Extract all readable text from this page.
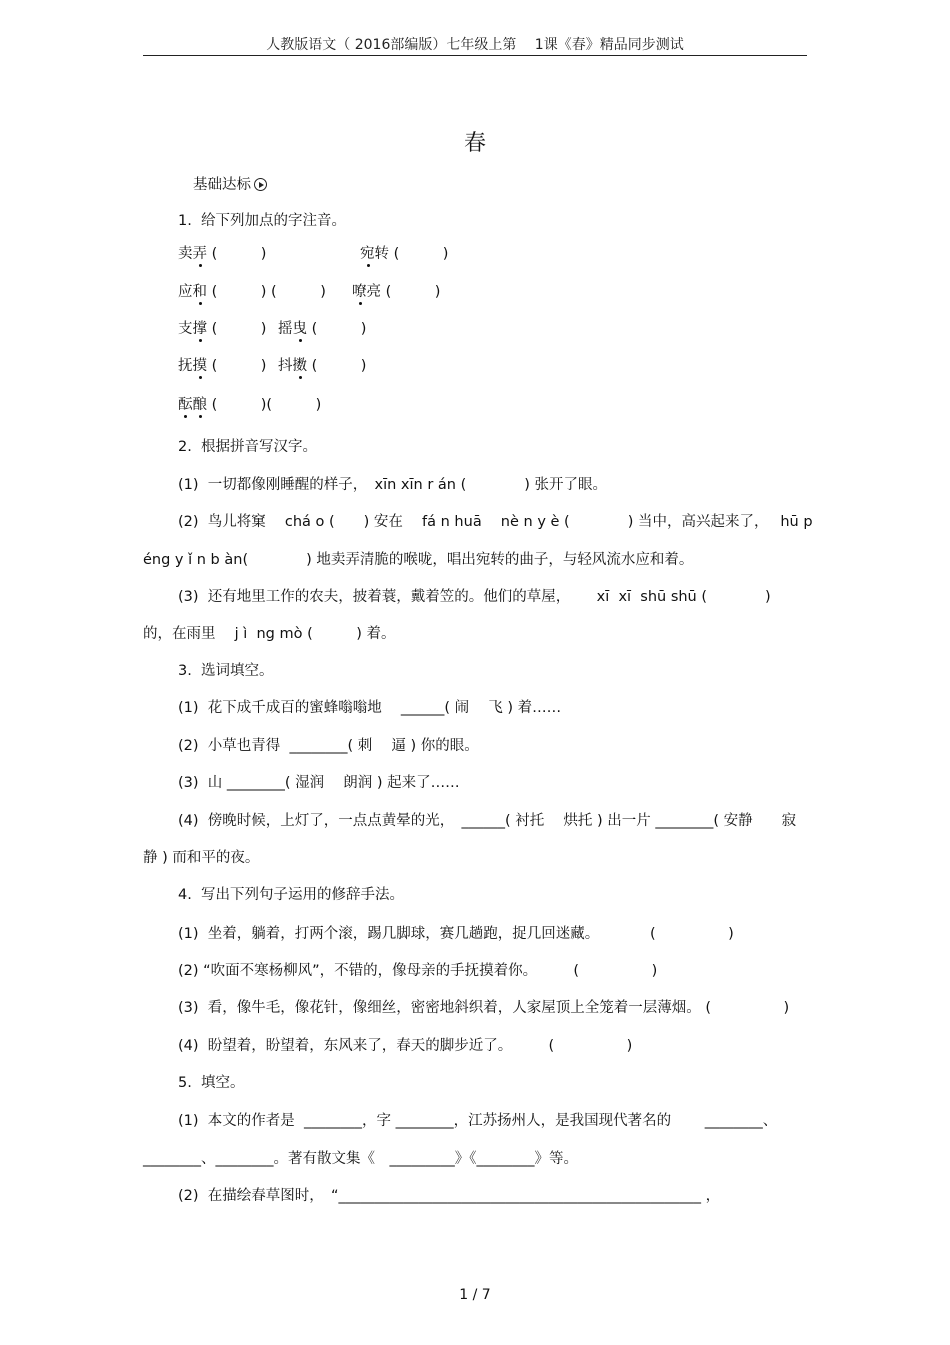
人教版语文（ 2016部编版）七年级上第　 1课《春》精品同步测试
春
基础达标
1.  给下列加点的字注音。
卖弄 (　　　)	宛转 (　　　)
应和 (　　　) (　　　) 嘹亮 (　　　)
支撑 (　　　) 摇曳 (　　　)
抚摸 (　　　) 抖擞 (　　　)
酝酿 (　　　)(　　　)
2.  根据拼音写汉字。
(1)  一切都像刚睡醒的样子，　xīn xīn r án (　　　　) 张开了眼。
(2)  鸟儿将窠　 chá o (　　) 安在　 fá n huā　 nè n y è (　　　　) 当中，高兴起来了，　 hū p
éng y ǐ n b àn(　　　　) 地卖弄清脆的喉咙，唱出宛转的曲子，与轻风流水应和着。
(3)  还有地里工作的农夫，披着蓑，戴着笠的。他们的草屋，　　 xī  xī  shū shū (　　　　)
的，在雨里　 j ì  ng mò (　　　) 着。
3.  选词填空。
(1)  花下成千成百的蜜蜂嗡嗡地　 ______( 闹　 飞 ) 着……
(2)  小草也青得  ________( 刺　 逼 ) 你的眼。
(3)  山 ________( 湿润　 朗润 ) 起来了……
(4)  傍晚时候，上灯了，一点点黄晕的光，　______( 衬托　 烘托 ) 出一片 ________( 安静　　寂
静 ) 而和平的夜。
4.  写出下列句子运用的修辞手法。
(1)  坐着，躺着，打两个滚，踢几脚球，赛几趟跑，捉几回迷藏。　　　　(　　　　　)
(2) “吹面不寒杨柳风”，不错的，像母亲的手抚摸着你。　　　(　　　　　)
(3)  看，像牛毛，像花针，像细丝，密密地斜织着，人家屋顶上全笼着一层薄烟。 (　　　　　)
(4)  盼望着，盼望着，东风来了，春天的脚步近了。　　　(　　　　　)
5.  填空。
(1)  本文的作者是  ________，字 ________，江苏扬州人，是我国现代著名的　　 ________、
________、________。著有散文集《　_________》《________》等。
(2)  在描绘春草图时，　“__________________________________________________ ，
1 / 7
